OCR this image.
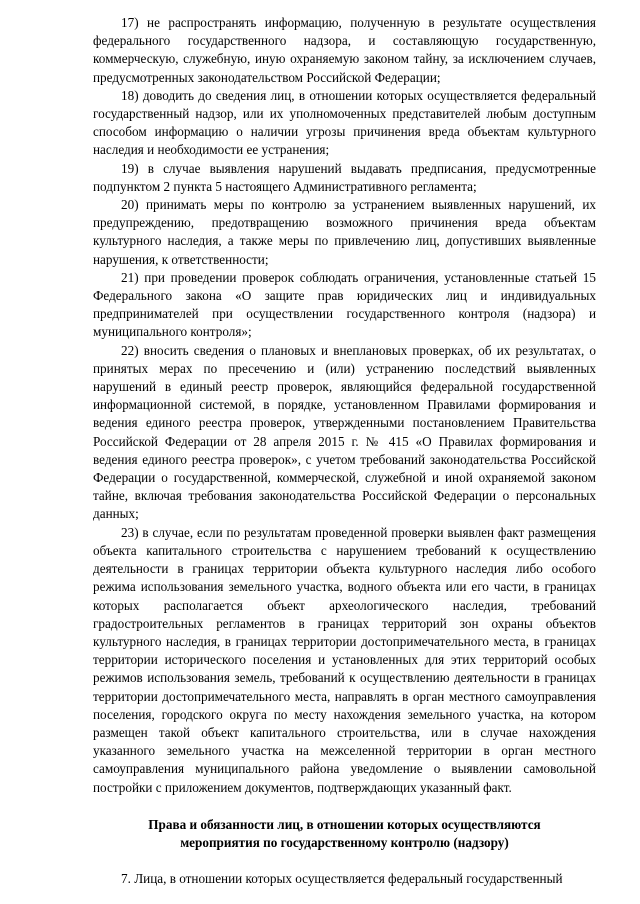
17) не распространять информацию, полученную в результате осуществления федерального государственного надзора, и составляющую государственную, коммерческую, служебную, иную охраняемую законом тайну, за исключением случаев, предусмотренных законодательством Российской Федерации;

18) доводить до сведения лиц, в отношении которых осуществляется федеральный государственный надзор, или их уполномоченных представителей любым доступным способом информацию о наличии угрозы причинения вреда объектам культурного наследия и необходимости ее устранения;

19) в случае выявления нарушений выдавать предписания, предусмотренные подпунктом 2 пункта 5 настоящего Административного регламента;

20) принимать меры по контролю за устранением выявленных нарушений, их предупреждению, предотвращению возможного причинения вреда объектам культурного наследия, а также меры по привлечению лиц, допустивших выявленные нарушения, к ответственности;

21) при проведении проверок соблюдать ограничения, установленные статьей 15 Федерального закона «О защите прав юридических лиц и индивидуальных предпринимателей при осуществлении государственного контроля (надзора) и муниципального контроля»;

22) вносить сведения о плановых и внеплановых проверках, об их результатах, о принятых мерах по пресечению и (или) устранению последствий выявленных нарушений в единый реестр проверок, являющийся федеральной государственной информационной системой, в порядке, установленном Правилами формирования и ведения единого реестра проверок, утвержденными постановлением Правительства Российской Федерации от 28 апреля 2015 г. № 415 «О Правилах формирования и ведения единого реестра проверок», с учетом требований законодательства Российской Федерации о государственной, коммерческой, служебной и иной охраняемой законом тайне, включая требования законодательства Российской Федерации о персональных данных;

23) в случае, если по результатам проведенной проверки выявлен факт размещения объекта капитального строительства с нарушением требований к осуществлению деятельности в границах территории объекта культурного наследия либо особого режима использования земельного участка, водного объекта или его части, в границах которых располагается объект археологического наследия, требований градостроительных регламентов в границах территорий зон охраны объектов культурного наследия, в границах территории достопримечательного места, в границах территории исторического поселения и установленных для этих территорий особых режимов использования земель, требований к осуществлению деятельности в границах территории достопримечательного места, направлять в орган местного самоуправления поселения, городского округа по месту нахождения земельного участка, на котором размещен такой объект капитального строительства, или в случае нахождения указанного земельного участка на межселенной территории в орган местного самоуправления муниципального района уведомление о выявлении самовольной постройки с приложением документов, подтверждающих указанный факт.

Права и обязанности лиц, в отношении которых осуществляются
мероприятия по государственному контролю (надзору)

7. Лица, в отношении которых осуществляется федеральный государственный
